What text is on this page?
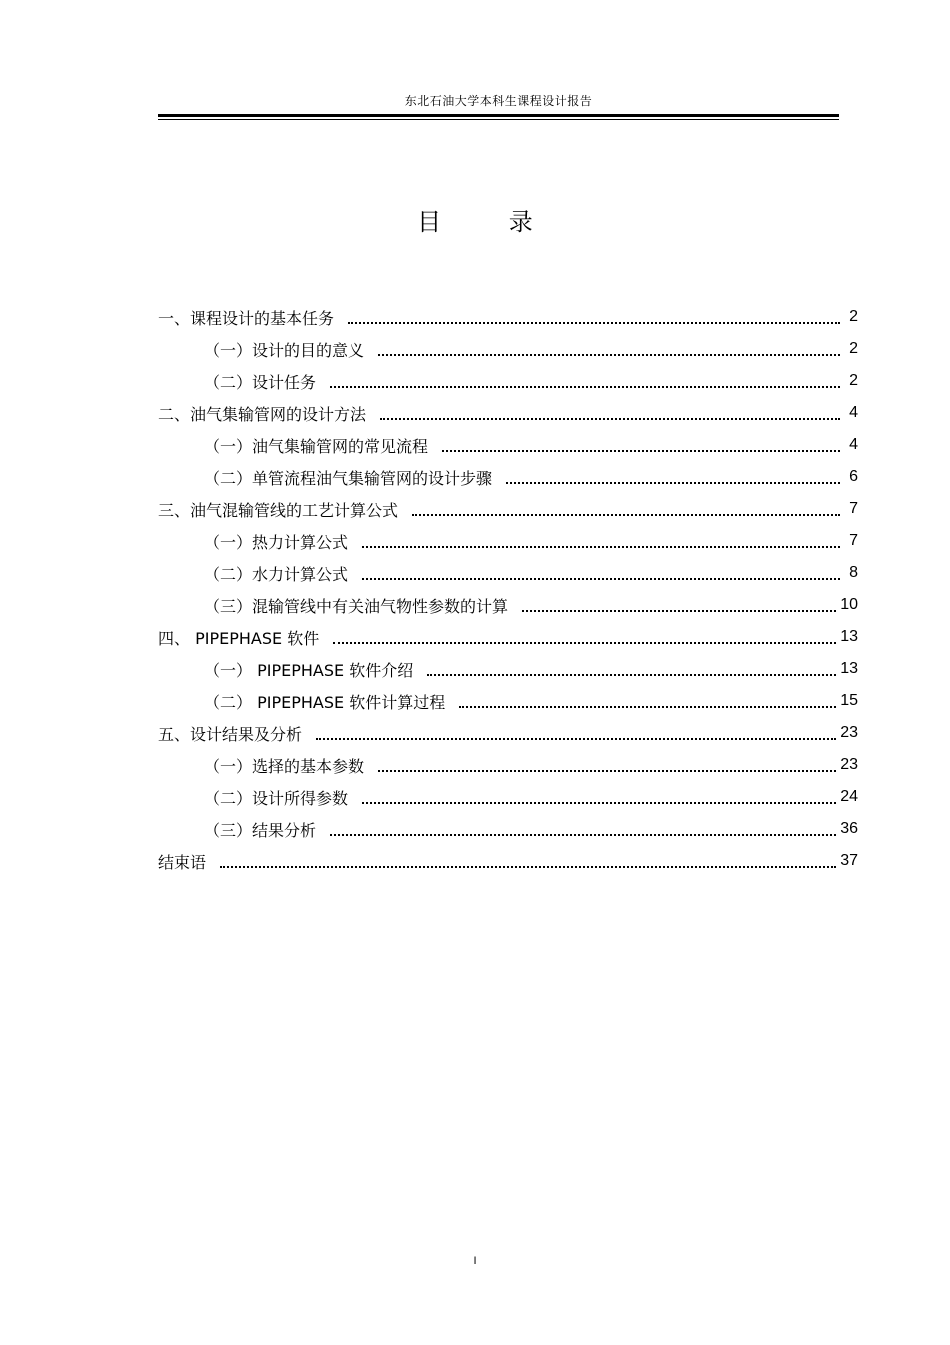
东北石油大学本科生课程设计报告
目 录
一、课程设计的基本任务	2
（一）设计的目的意义	2
（二）设计任务	2
二、油气集输管网的设计方法	4
（一）油气集输管网的常见流程	4
（二）单管流程油气集输管网的设计步骤	6
三、油气混输管线的工艺计算公式	7
（一）热力计算公式	7
（二）水力计算公式	8
（三）混输管线中有关油气物性参数的计算	10
四、 PIPEPHASE 软件	13
（一） PIPEPHASE 软件介绍	13
（二） PIPEPHASE 软件计算过程	15
五、设计结果及分析	23
（一）选择的基本参数	23
（二）设计所得参数	24
（三）结果分析	36
结束语	37
I
